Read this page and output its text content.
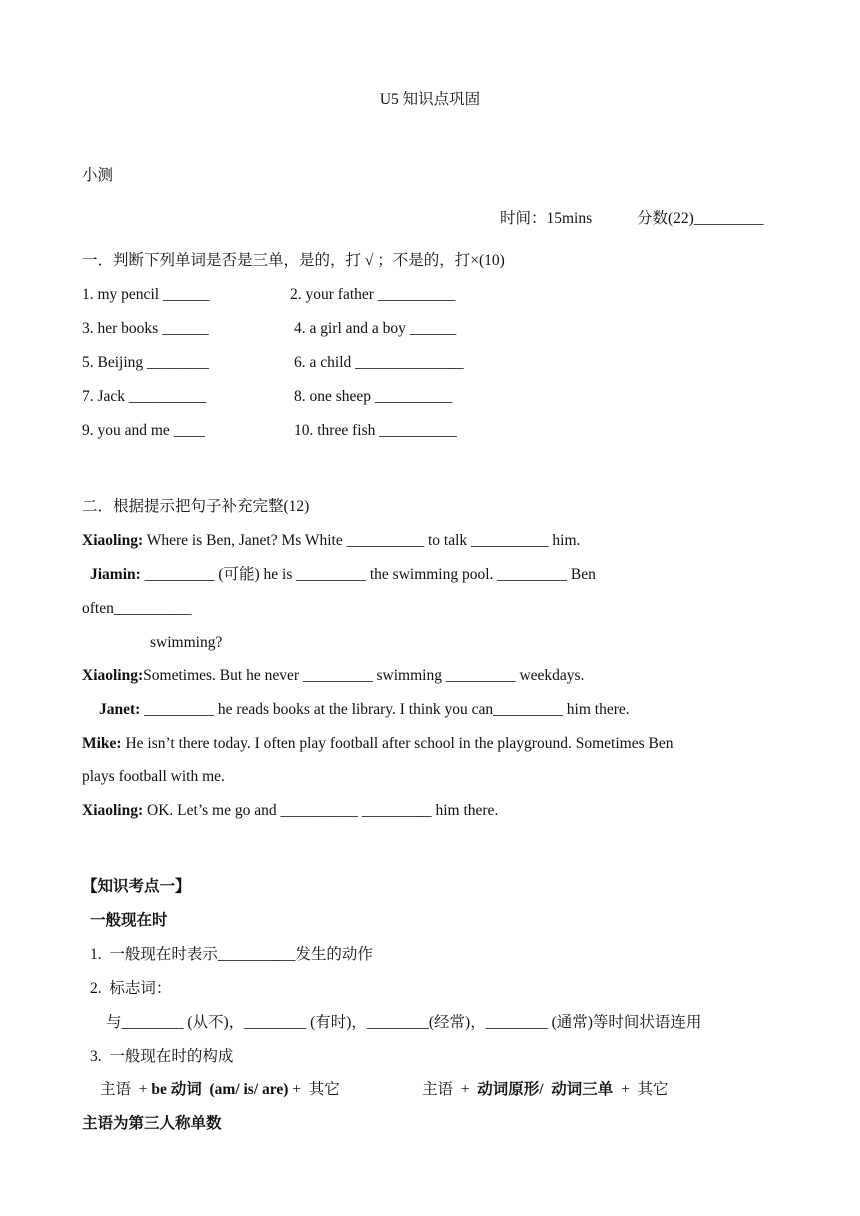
U5 知识点巩固
小测
时间：15mins	分数(22)_________
一．判断下列单词是否是三单，是的，打 √ ；不是的，打×(10)
1. my pencil ______	2. your father __________
3. her books ______	4. a girl and a boy ______
5. Beijing ________	6. a child ______________
7. Jack __________	8. one sheep __________
9. you and me ____	10. three fish __________
二．根据提示把句子补充完整(12)
Xiaoling: Where is Ben, Janet? Ms White __________ to talk __________ him.
Jiamin: _________ (可能) he is _________ the swimming pool. _________ Ben
often__________
swimming?
Xiaoling:Sometimes. But he never _________ swimming _________ weekdays.
Janet: _________ he reads books at the library. I think you can_________ him there.
Mike: He isn’t there today. I often play football after school in the playground. Sometimes Ben
plays football with me.
Xiaoling: OK. Let’s me go and __________ _________ him there.
【知识考点一】
一般现在时
1.  一般现在时表示__________发生的动作
2.  标志词：
与________ (从不)，________ (有时)，________(经常)，________ (通常)等时间状语连用
3.  一般现在时的构成
主语  + be 动词  (am/ is/ are) +  其它	主语  +  动词原形/  动词三单  +  其它
主语为第三人称单数
